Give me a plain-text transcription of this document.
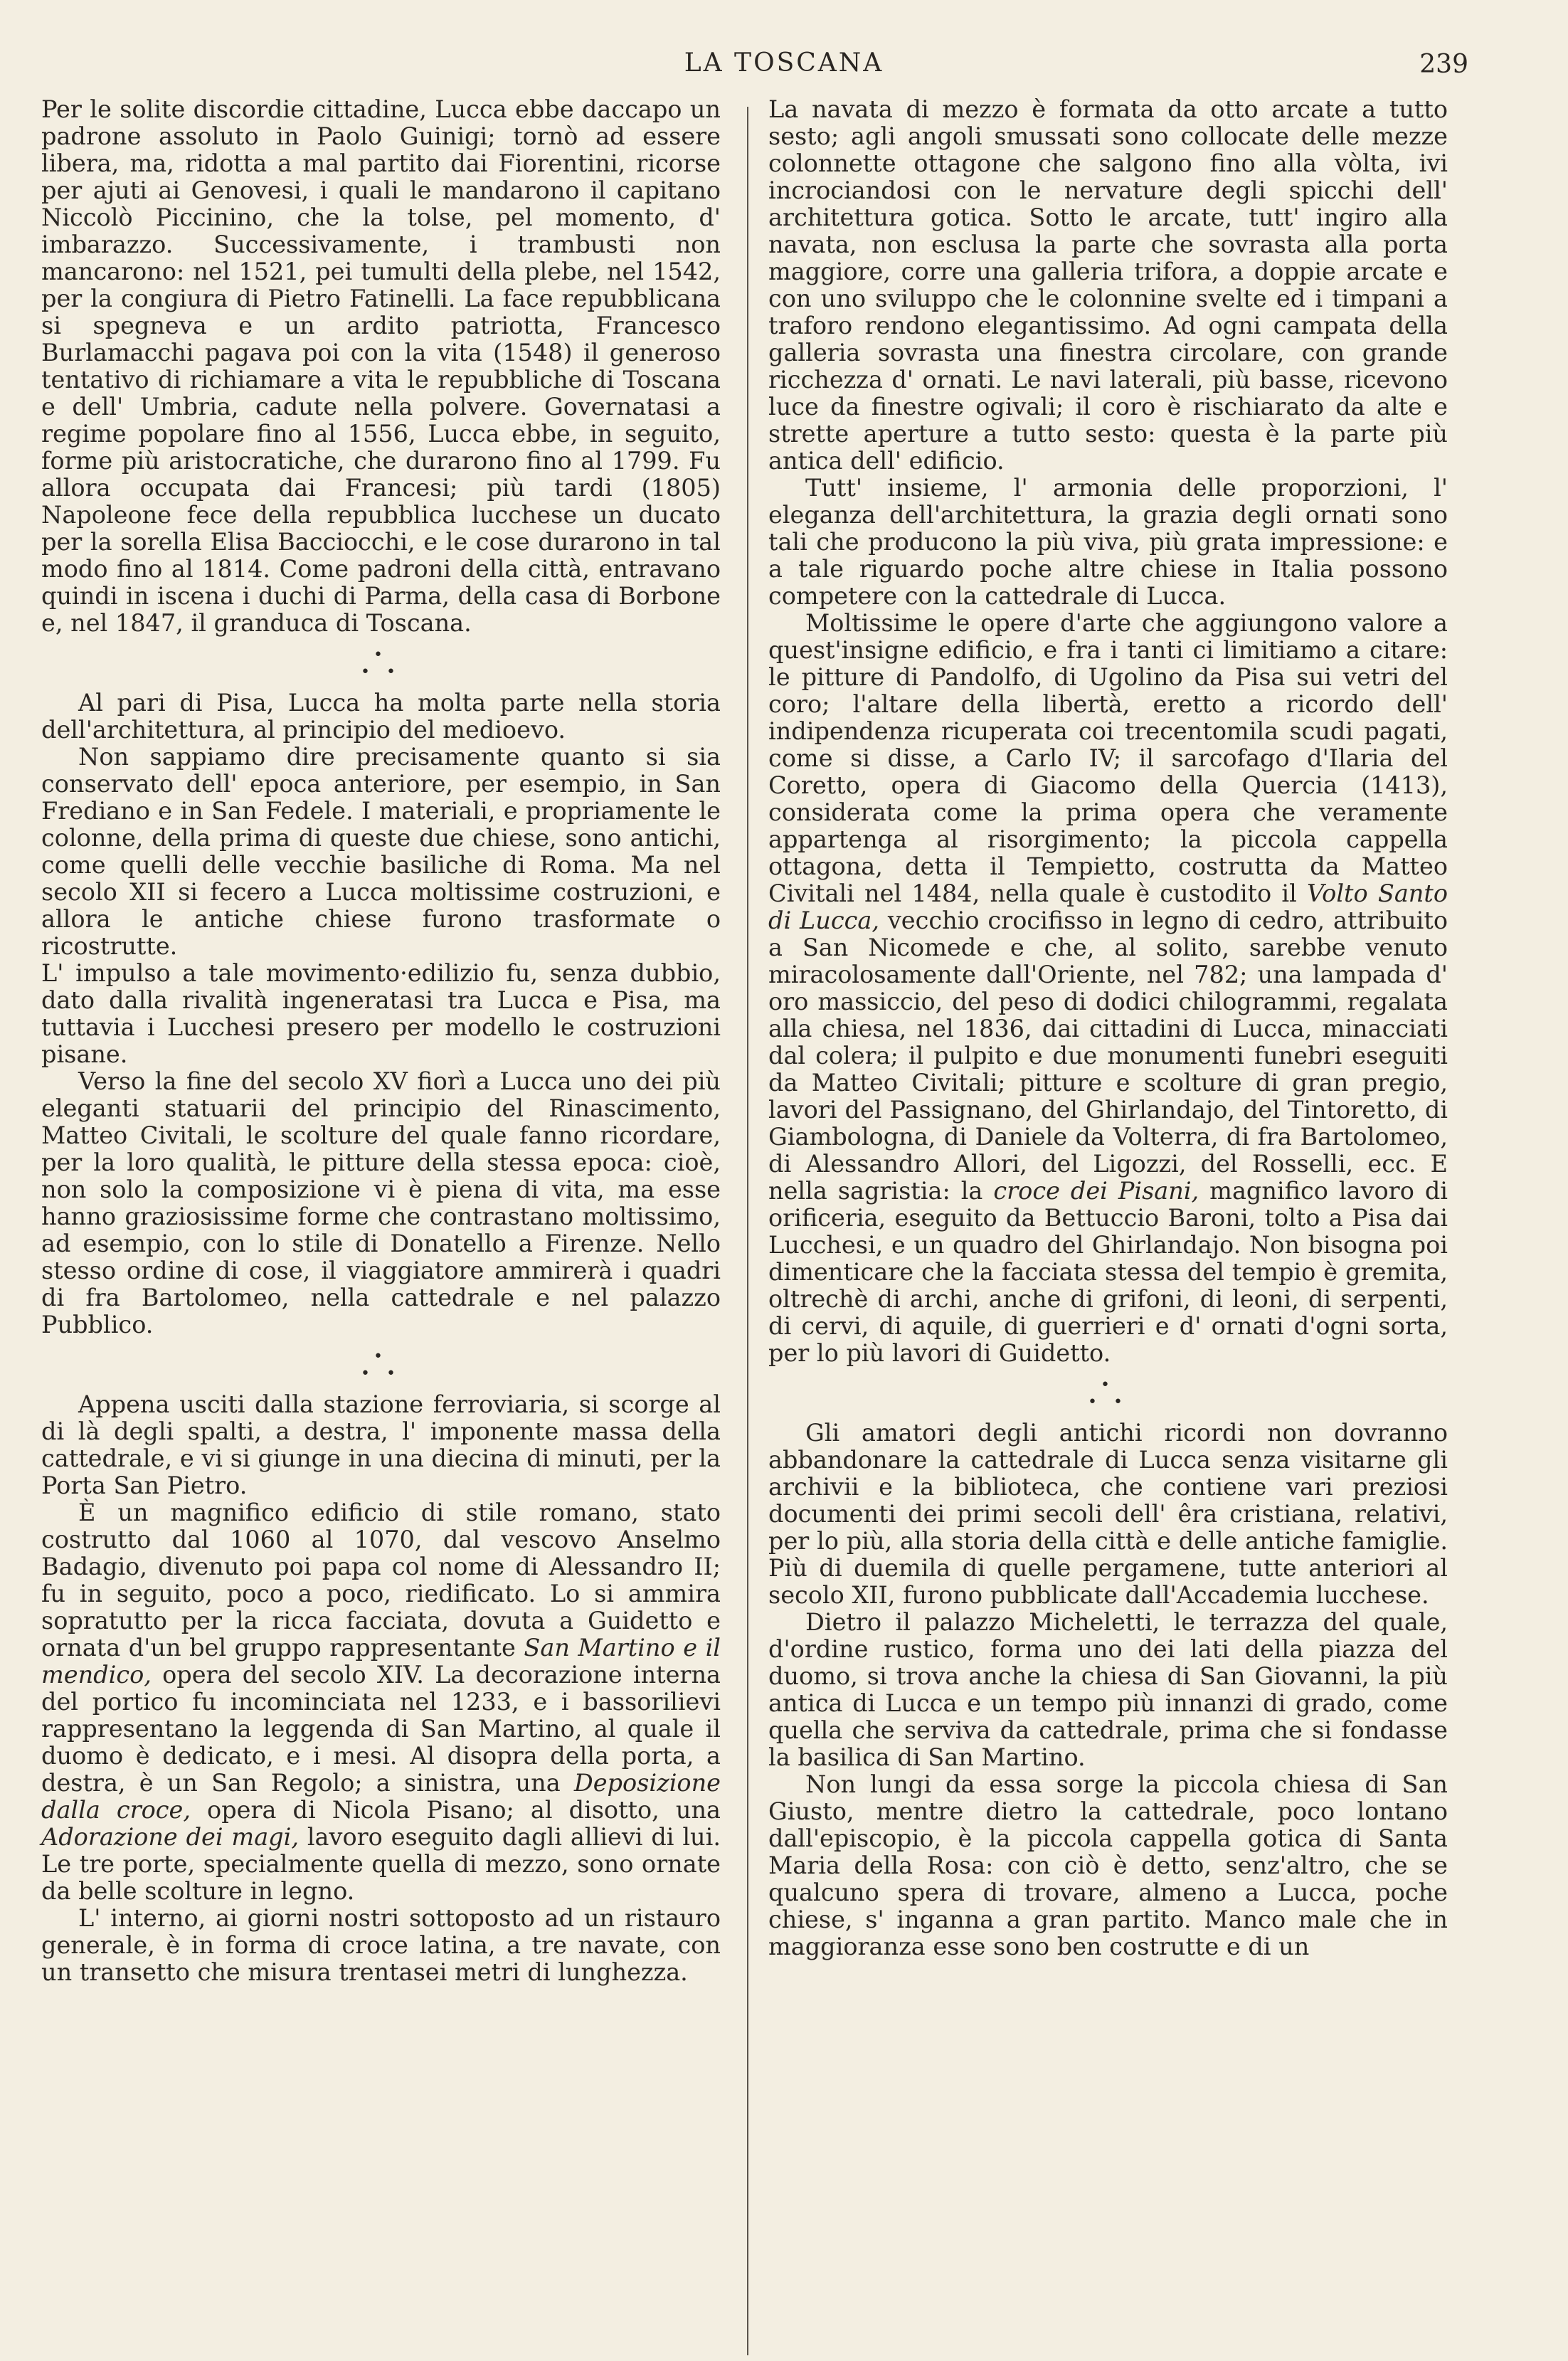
LA TOSCANA	239

Per le solite discordie cittadine, Lucca ebbe daccapo un padrone assoluto in Paolo Guinigi; tornò ad essere libera, ma, ridotta a mal partito dai Fiorentini, ricorse per ajuti ai Genovesi, i quali le mandarono il capitano Niccolò Piccinino, che la tolse, pel momento, d' imbarazzo. Successivamente, i trambusti non mancarono: nel 1521, pei tumulti della plebe, nel 1542, per la congiura di Pietro Fatinelli. La face repubblicana si spegneva e un ardito patriotta, Francesco Burlamacchi pagava poi con la vita (1548) il generoso tentativo di richiamare a vita le repubbliche di Toscana e dell' Umbria, cadute nella polvere. Governatasi a regime popolare fino al 1556, Lucca ebbe, in seguito, forme più aristocratiche, che durarono fino al 1799. Fu allora occupata dai Francesi; più tardi (1805) Napoleone fece della repubblica lucchese un ducato per la sorella Elisa Bacciocchi, e le cose durarono in tal modo fino al 1814. Come padroni della città, entravano quindi in iscena i duchi di Parma, della casa di Borbone e, nel 1847, il granduca di Toscana.

•
• •

Al pari di Pisa, Lucca ha molta parte nella storia dell'architettura, al principio del medioevo.

Non sappiamo dire precisamente quanto si sia conservato dell' epoca anteriore, per esempio, in San Frediano e in San Fedele. I materiali, e propriamente le colonne, della prima di queste due chiese, sono antichi, come quelli delle vecchie basiliche di Roma. Ma nel secolo XII si fecero a Lucca moltissime costruzioni, e allora le antiche chiese furono trasformate o ricostrutte.

L' impulso a tale movimento·edilizio fu, senza dubbio, dato dalla rivalità ingeneratasi tra Lucca e Pisa, ma tuttavia i Lucchesi presero per modello le costruzioni pisane.

Verso la fine del secolo XV fiorì a Lucca uno dei più eleganti statuarii del principio del Rinascimento, Matteo Civitali, le scolture del quale fanno ricordare, per la loro qualità, le pitture della stessa epoca: cioè, non solo la composizione vi è piena di vita, ma esse hanno graziosissime forme che contrastano moltissimo, ad esempio, con lo stile di Donatello a Firenze. Nello stesso ordine di cose, il viaggiatore ammirerà i quadri di fra Bartolomeo, nella cattedrale e nel palazzo Pubblico.

•
• •

Appena usciti dalla stazione ferroviaria, si scorge al di là degli spalti, a destra, l' imponente massa della cattedrale, e vi si giunge in una diecina di minuti, per la Porta San Pietro.

È un magnifico edificio di stile romano, stato costrutto dal 1060 al 1070, dal vescovo Anselmo Badagio, divenuto poi papa col nome di Alessandro II; fu in seguito, poco a poco, riedificato. Lo si ammira sopratutto per la ricca facciata, dovuta a Guidetto e ornata d'un bel gruppo rappresentante San Martino e il mendico, opera del secolo XIV. La decorazione interna del portico fu incominciata nel 1233, e i bassorilievi rappresentano la leggenda di San Martino, al quale il duomo è dedicato, e i mesi. Al disopra della porta, a destra, è un San Regolo; a sinistra, una Deposizione dalla croce, opera di Nicola Pisano; al disotto, una Adorazione dei magi, lavoro eseguito dagli allievi di lui. Le tre porte, specialmente quella di mezzo, sono ornate da belle scolture in legno.

L' interno, ai giorni nostri sottoposto ad un ristauro generale, è in forma di croce latina, a tre navate, con un transetto che misura trentasei metri di lunghezza.

La navata di mezzo è formata da otto arcate a tutto sesto; agli angoli smussati sono collocate delle mezze colonnette ottagone che salgono fino alla vòlta, ivi incrociandosi con le nervature degli spicchi dell' architettura gotica. Sotto le arcate, tutt' ingiro alla navata, non esclusa la parte che sovrasta alla porta maggiore, corre una galleria trifora, a doppie arcate e con uno sviluppo che le colonnine svelte ed i timpani a traforo rendono elegantissimo. Ad ogni campata della galleria sovrasta una finestra circolare, con grande ricchezza d' ornati. Le navi laterali, più basse, ricevono luce da finestre ogivali; il coro è rischiarato da alte e strette aperture a tutto sesto: questa è la parte più antica dell' edificio.

Tutt' insieme, l' armonia delle proporzioni, l' eleganza dell'architettura, la grazia degli ornati sono tali che producono la più viva, più grata impressione: e a tale riguardo poche altre chiese in Italia possono competere con la cattedrale di Lucca.

Moltissime le opere d'arte che aggiungono valore a quest'insigne edificio, e fra i tanti ci limitiamo a citare: le pitture di Pandolfo, di Ugolino da Pisa sui vetri del coro; l'altare della libertà, eretto a ricordo dell' indipendenza ricuperata coi trecentomila scudi pagati, come si disse, a Carlo IV; il sarcofago d'Ilaria del Coretto, opera di Giacomo della Quercia (1413), considerata come la prima opera che veramente appartenga al risorgimento; la piccola cappella ottagona, detta il Tempietto, costrutta da Matteo Civitali nel 1484, nella quale è custodito il Volto Santo di Lucca, vecchio crocifisso in legno di cedro, attribuito a San Nicomede e che, al solito, sarebbe venuto miracolosamente dall'Oriente, nel 782; una lampada d' oro massiccio, del peso di dodici chilogrammi, regalata alla chiesa, nel 1836, dai cittadini di Lucca, minacciati dal colera; il pulpito e due monumenti funebri eseguiti da Matteo Civitali; pitture e scolture di gran pregio, lavori del Passignano, del Ghirlandajo, del Tintoretto, di Giambologna, di Daniele da Volterra, di fra Bartolomeo, di Alessandro Allori, del Ligozzi, del Rosselli, ecc. E nella sagristia: la croce dei Pisani, magnifico lavoro di orificeria, eseguito da Bettuccio Baroni, tolto a Pisa dai Lucchesi, e un quadro del Ghirlandajo. Non bisogna poi dimenticare che la facciata stessa del tempio è gremita, oltrechè di archi, anche di grifoni, di leoni, di serpenti, di cervi, di aquile, di guerrieri e d' ornati d'ogni sorta, per lo più lavori di Guidetto.

•
• •

Gli amatori degli antichi ricordi non dovranno abbandonare la cattedrale di Lucca senza visitarne gli archivii e la biblioteca, che contiene vari preziosi documenti dei primi secoli dell' êra cristiana, relativi, per lo più, alla storia della città e delle antiche famiglie. Più di duemila di quelle pergamene, tutte anteriori al secolo XII, furono pubblicate dall'Accademia lucchese.

Dietro il palazzo Micheletti, le terrazza del quale, d'ordine rustico, forma uno dei lati della piazza del duomo, si trova anche la chiesa di San Giovanni, la più antica di Lucca e un tempo più innanzi di grado, come quella che serviva da cattedrale, prima che si fondasse la basilica di San Martino.

Non lungi da essa sorge la piccola chiesa di San Giusto, mentre dietro la cattedrale, poco lontano dall'episcopio, è la piccola cappella gotica di Santa Maria della Rosa: con ciò è detto, senz'altro, che se qualcuno spera di trovare, almeno a Lucca, poche chiese, s' inganna a gran partito. Manco male che in maggioranza esse sono ben costrutte e di un
